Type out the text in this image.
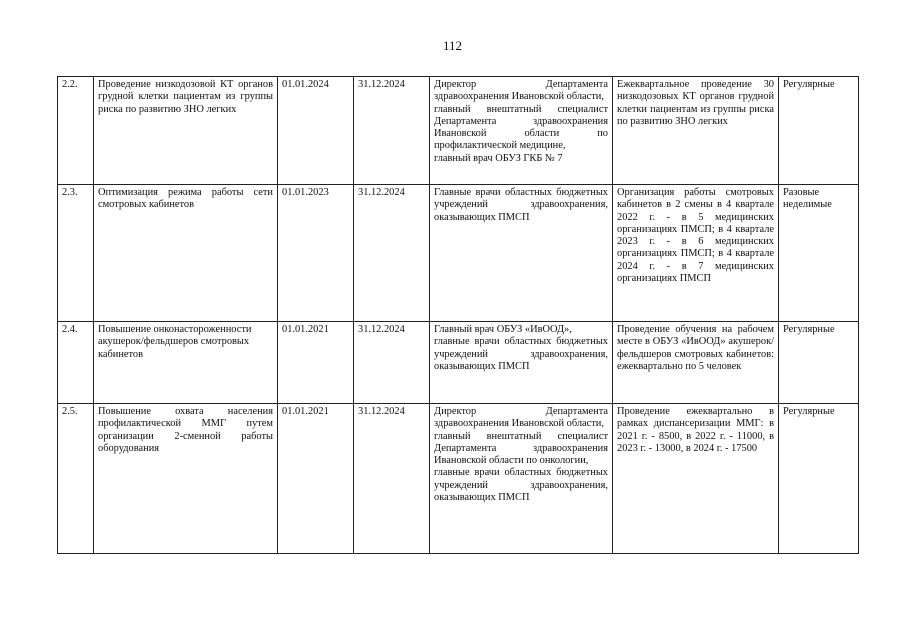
112
2.2.	Проведение низкодозовой КТ органов грудной клетки пациентам из группы риска по развитию ЗНО легких	01.01.2024	31.12.2024	Директор Департамента здравоохранения Ивановской области,
главный внештатный специалист Департамента здравоохранения Ивановской области по профилактической медицине,
главный врач ОБУЗ ГКБ № 7	Ежеквартальное проведение 30 низкодозовых КТ органов грудной клетки пациентам из группы риска по развитию ЗНО легких	Регулярные
2.3.	Оптимизация режима работы сети смотровых кабинетов	01.01.2023	31.12.2024	Главные врачи областных бюджетных учреждений здравоохранения, оказывающих ПМСП	Организация работы смотровых кабинетов в 2 смены в 4 квартале 2022 г. - в 5 медицинских организациях ПМСП; в 4 квартале 2023 г. - в 6 медицинских организациях ПМСП; в 4 квартале 2024 г. - в 7 медицинских организациях ПМСП	Разовые неделимые
2.4.	Повышение онконастороженности акушерок/фельдшеров смотровых кабинетов	01.01.2021	31.12.2024	Главный врач ОБУЗ «ИвООД»,
главные врачи областных бюджетных учреждений здравоохранения, оказывающих ПМСП	Проведение обучения на рабочем месте в ОБУЗ «ИвООД» акушерок/фельдшеров смотровых кабинетов: ежеквартально по 5 человек	Регулярные
2.5.	Повышение охвата населения профилактической ММГ путем организации 2-сменной работы оборудования	01.01.2021	31.12.2024	Директор Департамента здравоохранения Ивановской области,
главный внештатный специалист Департамента здравоохранения Ивановской области по онкологии,
главные врачи областных бюджетных учреждений здравоохранения, оказывающих ПМСП	Проведение ежеквартально в рамках диспансеризации ММГ: в 2021 г. - 8500, в 2022 г. - 11000, в 2023 г. - 13000, в 2024 г. - 17500	Регулярные
